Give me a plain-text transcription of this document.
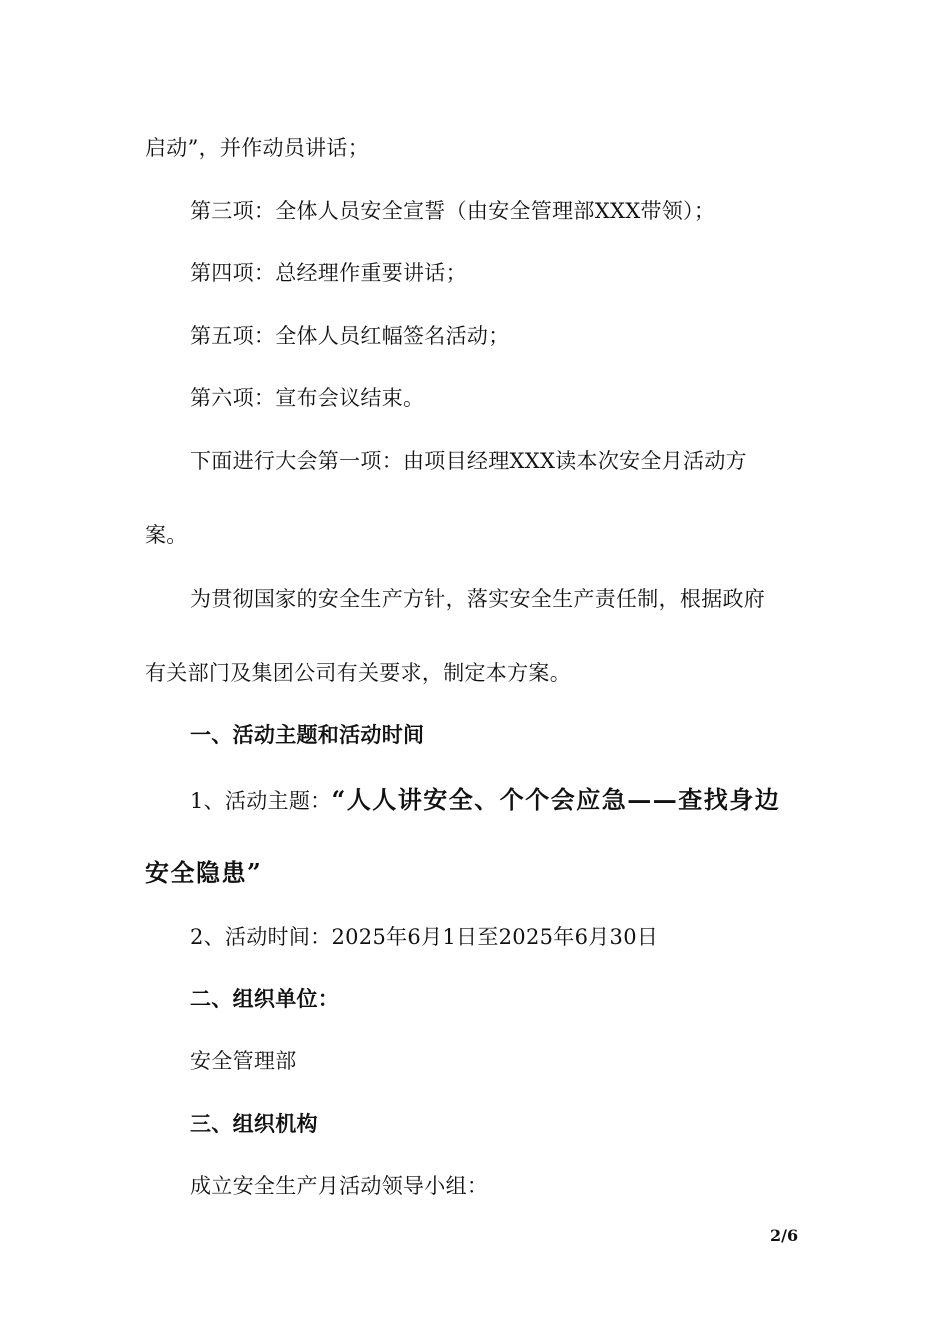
启动”，并作动员讲话；
第三项：全体人员安全宣誓（由安全管理部XXX带领）；
第四项：总经理作重要讲话；
第五项：全体人员红幅签名活动；
第六项：宣布会议结束。
下面进行大会第一项：由项目经理XXX读本次安全月活动方
案。
为贯彻国家的安全生产方针，落实安全生产责任制，根据政府
有关部门及集团公司有关要求，制定本方案。
一、活动主题和活动时间
1、活动主题：“人人讲安全、个个会应急——查找身边
安全隐患”
2、活动时间：2025年6月1日至2025年6月30日
二、组织单位：
安全管理部
三、组织机构
成立安全生产月活动领导小组：
2/6
